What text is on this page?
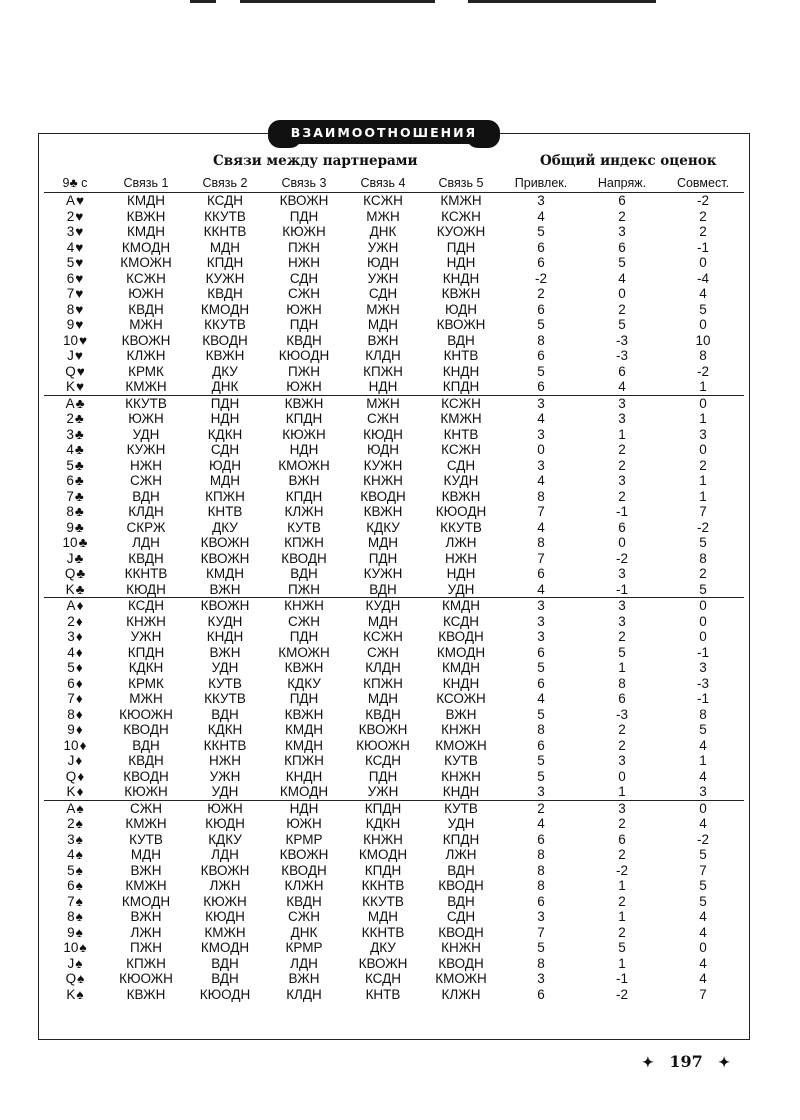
ВЗАИМООТНОШЕНИЯ
Связи между партнерами	Общий индекс оценок
9♣ с	Связь 1	Связь 2	Связь 3	Связь 4	Связь 5	Привлек.	Напряж.	Совмест.
A♥	КМДН	КСДН	КВОЖН	КСЖН	КМЖН	3	6	-2
2♥	КВЖН	ККУТВ	ПДН	МЖН	КСЖН	4	2	2
3♥	КМДН	ККНТВ	КЮЖН	ДНК	КУОЖН	5	3	2
4♥	КМОДН	МДН	ПЖН	УЖН	ПДН	6	6	-1
5♥	КМОЖН	КПДН	НЖН	ЮДН	НДН	6	5	0
6♥	КСЖН	КУЖН	СДН	УЖН	КНДН	-2	4	-4
7♥	ЮЖН	КВДН	СЖН	СДН	КВЖН	2	0	4
8♥	КВДН	КМОДН	ЮЖН	МЖН	ЮДН	6	2	5
9♥	МЖН	ККУТВ	ПДН	МДН	КВОЖН	5	5	0
10♥	КВОЖН	КВОДН	КВДН	ВЖН	ВДН	8	-3	10
J♥	КЛЖН	КВЖН	КЮОДН	КЛДН	КНТВ	6	-3	8
Q♥	КРМК	ДКУ	ПЖН	КПЖН	КНДН	5	6	-2
K♥	КМЖН	ДНК	ЮЖН	НДН	КПДН	6	4	1
A♣	ККУТВ	ПДН	КВЖН	МЖН	КСЖН	3	3	0
2♣	ЮЖН	НДН	КПДН	СЖН	КМЖН	4	3	1
3♣	УДН	КДКН	КЮЖН	КЮДН	КНТВ	3	1	3
4♣	КУЖН	СДН	НДН	ЮДН	КСЖН	0	2	0
5♣	НЖН	ЮДН	КМОЖН	КУЖН	СДН	3	2	2
6♣	СЖН	МДН	ВЖН	КНЖН	КУДН	4	3	1
7♣	ВДН	КПЖН	КПДН	КВОДН	КВЖН	8	2	1
8♣	КЛДН	КНТВ	КЛЖН	КВЖН	КЮОДН	7	-1	7
9♣	СКРЖ	ДКУ	КУТВ	КДКУ	ККУТВ	4	6	-2
10♣	ЛДН	КВОЖН	КПЖН	МДН	ЛЖН	8	0	5
J♣	КВДН	КВОЖН	КВОДН	ПДН	НЖН	7	-2	8
Q♣	ККНТВ	КМДН	ВДН	КУЖН	НДН	6	3	2
K♣	КЮДН	ВЖН	ПЖН	ВДН	УДН	4	-1	5
A♦	КСДН	КВОЖН	КНЖН	КУДН	КМДН	3	3	0
2♦	КНЖН	КУДН	СЖН	МДН	КСДН	3	3	0
3♦	УЖН	КНДН	ПДН	КСЖН	КВОДН	3	2	0
4♦	КПДН	ВЖН	КМОЖН	СЖН	КМОДН	6	5	-1
5♦	КДКН	УДН	КВЖН	КЛДН	КМДН	5	1	3
6♦	КРМК	КУТВ	КДКУ	КПЖН	КНДН	6	8	-3
7♦	МЖН	ККУТВ	ПДН	МДН	КСОЖН	4	6	-1
8♦	КЮОЖН	ВДН	КВЖН	КВДН	ВЖН	5	-3	8
9♦	КВОДН	КДКН	КМДН	КВОЖН	КНЖН	8	2	5
10♦	ВДН	ККНТВ	КМДН	КЮОЖН	КМОЖН	6	2	4
J♦	КВДН	НЖН	КПЖН	КСДН	КУТВ	5	3	1
Q♦	КВОДН	УЖН	КНДН	ПДН	КНЖН	5	0	4
K♦	КЮЖН	УДН	КМОДН	УЖН	КНДН	3	1	3
A♠	СЖН	ЮЖН	НДН	КПДН	КУТВ	2	3	0
2♠	КМЖН	КЮДН	ЮЖН	КДКН	УДН	4	2	4
3♠	КУТВ	КДКУ	КРМР	КНЖН	КПДН	6	6	-2
4♠	МДН	ЛДН	КВОЖН	КМОДН	ЛЖН	8	2	5
5♠	ВЖН	КВОЖН	КВОДН	КПДН	ВДН	8	-2	7
6♠	КМЖН	ЛЖН	КЛЖН	ККНТВ	КВОДН	8	1	5
7♠	КМОДН	КЮЖН	КВДН	ККУТВ	ВДН	6	2	5
8♠	ВЖН	КЮДН	СЖН	МДН	СДН	3	1	4
9♠	ЛЖН	КМЖН	ДНК	ККНТВ	КВОДН	7	2	4
10♠	ПЖН	КМОДН	КРМР	ДКУ	КНЖН	5	5	0
J♠	КПЖН	ВДН	ЛДН	КВОЖН	КВОДН	8	1	4
Q♠	КЮОЖН	ВДН	ВЖН	КСДН	КМОЖН	3	-1	4
K♠	КВЖН	КЮОДН	КЛДН	КНТВ	КЛЖН	6	-2	7
✦ 197 ✦
